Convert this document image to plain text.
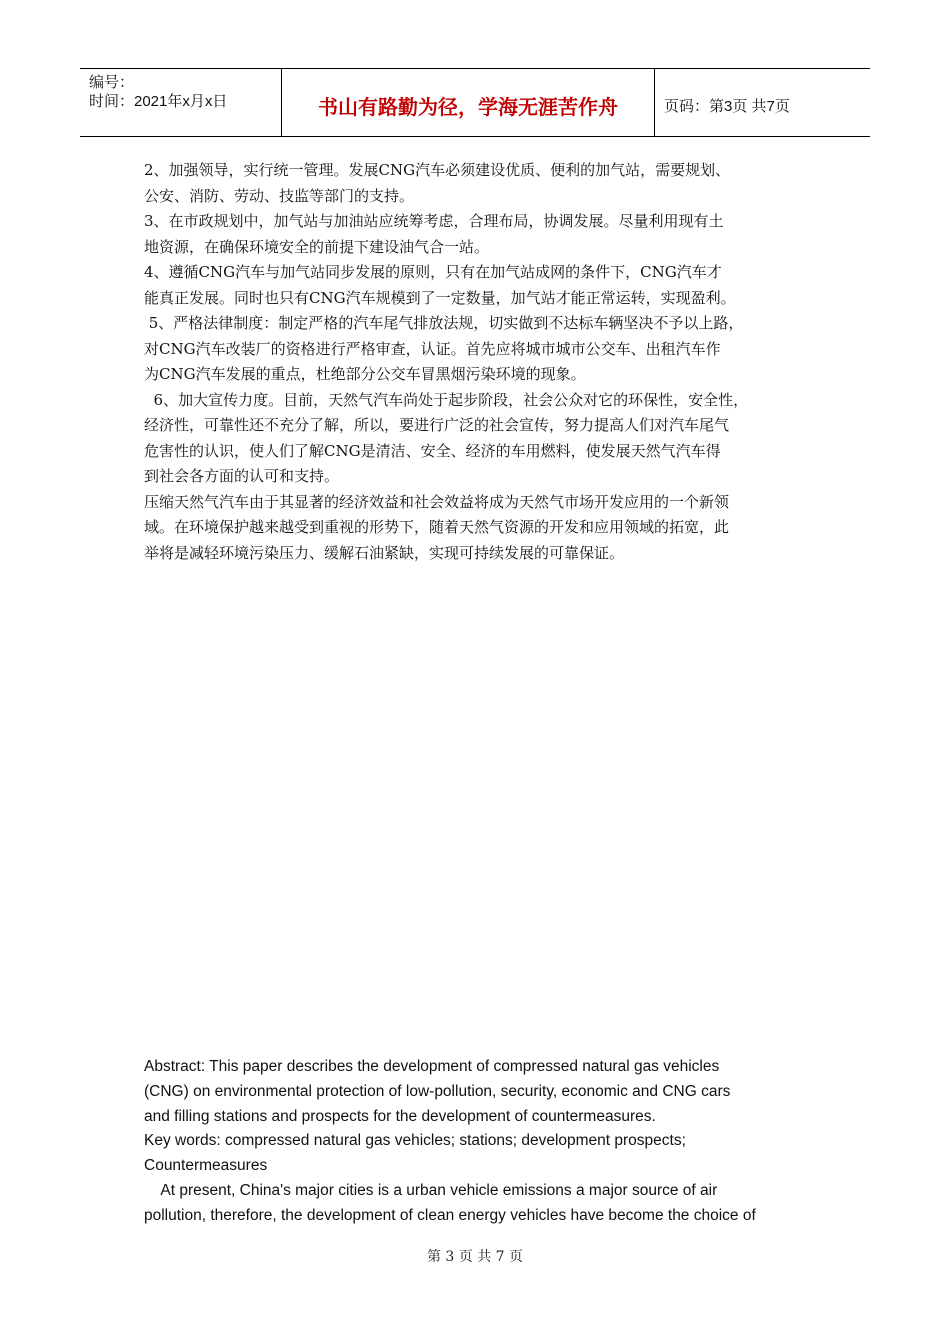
编号：
时间：2021年x月x日	书山有路勤为径，学海无涯苦作舟	页码：第3页 共7页

2、加强领导，实行统一管理。发展CNG汽车必须建设优质、便利的加气站，需要规划、

公安、消防、劳动、技监等部门的支持。

3、在市政规划中，加气站与加油站应统筹考虑，合理布局，协调发展。尽量利用现有土

地资源，在确保环境安全的前提下建设油气合一站。

4、遵循CNG汽车与加气站同步发展的原则，只有在加气站成网的条件下，CNG汽车才

能真正发展。同时也只有CNG汽车规模到了一定数量，加气站才能正常运转，实现盈利。

5、严格法律制度：制定严格的汽车尾气排放法规，切实做到不达标车辆坚决不予以上路，

对CNG汽车改装厂的资格进行严格审查，认证。首先应将城市城市公交车、出租汽车作

为CNG汽车发展的重点，杜绝部分公交车冒黑烟污染环境的现象。

6、加大宣传力度。目前，天然气汽车尚处于起步阶段，社会公众对它的环保性，安全性，

经济性，可靠性还不充分了解，所以，要进行广泛的社会宣传，努力提高人们对汽车尾气

危害性的认识，使人们了解CNG是清洁、安全、经济的车用燃料，使发展天然气汽车得

到社会各方面的认可和支持。

压缩天然气汽车由于其显著的经济效益和社会效益将成为天然气市场开发应用的一个新领

域。在环境保护越来越受到重视的形势下，随着天然气资源的开发和应用领域的拓宽，此

举将是减轻环境污染压力、缓解石油紧缺，实现可持续发展的可靠保证。

Abstract: This paper describes the development of compressed natural gas vehicles

(CNG) on environmental protection of low-pollution, security, economic and CNG cars

and filling stations and prospects for the development of countermeasures.

Key words: compressed natural gas vehicles; stations; development prospects;

Countermeasures

At present, China's major cities is a urban vehicle emissions a major source of air

pollution, therefore, the development of clean energy vehicles have become the choice of

第 3 页 共 7 页
